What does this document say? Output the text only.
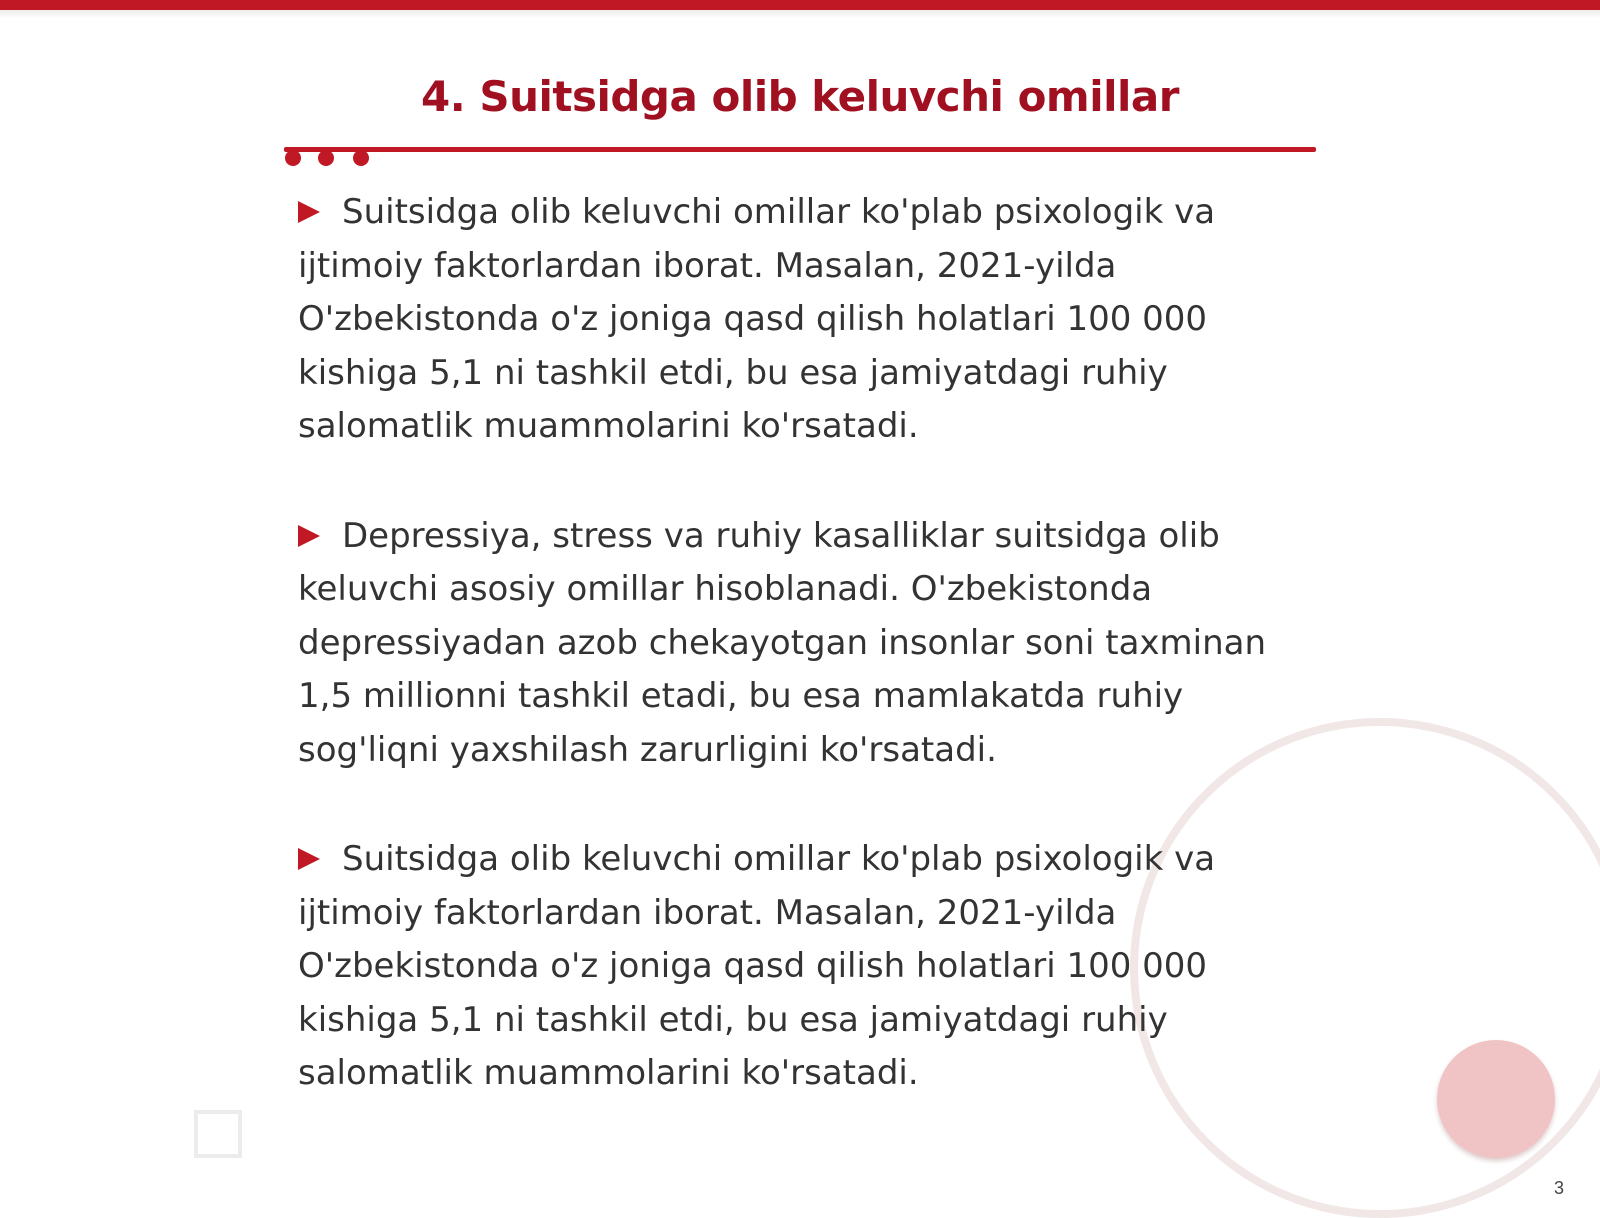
4. Suitsidga olib keluvchi omillar

Suitsidga olib keluvchi omillar ko'plab psixologik va ijtimoiy faktorlardan iborat. Masalan, 2021-yilda O'zbekistonda o'z joniga qasd qilish holatlari 100 000 kishiga 5,1 ni tashkil etdi, bu esa jamiyatdagi ruhiy salomatlik muammolarini ko'rsatadi.

Depressiya, stress va ruhiy kasalliklar suitsidga olib keluvchi asosiy omillar hisoblanadi. O'zbekistonda depressiyadan azob chekayotgan insonlar soni taxminan 1,5 millionni tashkil etadi, bu esa mamlakatda ruhiy sog'liqni yaxshilash zarurligini ko'rsatadi.

Suitsidga olib keluvchi omillar ko'plab psixologik va ijtimoiy faktorlardan iborat. Masalan, 2021-yilda O'zbekistonda o'z joniga qasd qilish holatlari 100 000 kishiga 5,1 ni tashkil etdi, bu esa jamiyatdagi ruhiy salomatlik muammolarini ko'rsatadi.

3
